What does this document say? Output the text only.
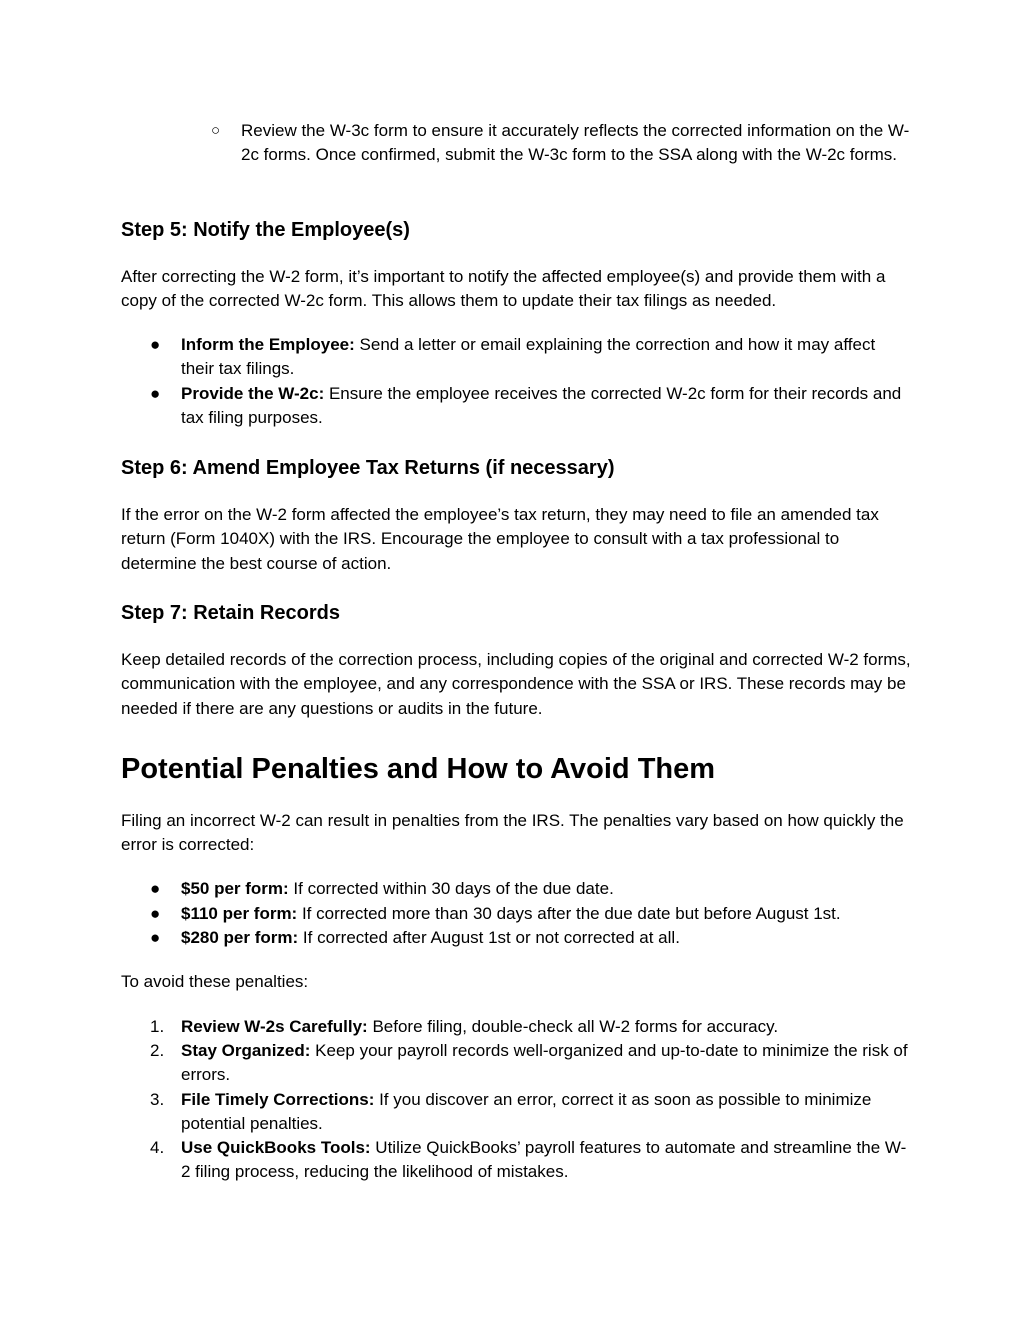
○ Review the W-3c form to ensure it accurately reflects the corrected information on the W-2c forms. Once confirmed, submit the W-3c form to the SSA along with the W-2c forms.
Step 5: Notify the Employee(s)

After correcting the W-2 form, it’s important to notify the affected employee(s) and provide them with a copy of the corrected W-2c form. This allows them to update their tax filings as needed.

● Inform the Employee: Send a letter or email explaining the correction and how it may affect their tax filings.
● Provide the W-2c: Ensure the employee receives the corrected W-2c form for their records and tax filing purposes.
Step 6: Amend Employee Tax Returns (if necessary)

If the error on the W-2 form affected the employee’s tax return, they may need to file an amended tax return (Form 1040X) with the IRS. Encourage the employee to consult with a tax professional to determine the best course of action.

Step 7: Retain Records

Keep detailed records of the correction process, including copies of the original and corrected W-2 forms, communication with the employee, and any correspondence with the SSA or IRS. These records may be needed if there are any questions or audits in the future.

Potential Penalties and How to Avoid Them

Filing an incorrect W-2 can result in penalties from the IRS. The penalties vary based on how quickly the error is corrected:

● $50 per form: If corrected within 30 days of the due date.
● $110 per form: If corrected more than 30 days after the due date but before August 1st.
● $280 per form: If corrected after August 1st or not corrected at all.

To avoid these penalties:

1. Review W-2s Carefully: Before filing, double-check all W-2 forms for accuracy.
2. Stay Organized: Keep your payroll records well-organized and up-to-date to minimize the risk of errors.
3. File Timely Corrections: If you discover an error, correct it as soon as possible to minimize potential penalties.
4. Use QuickBooks Tools: Utilize QuickBooks’ payroll features to automate and streamline the W-2 filing process, reducing the likelihood of mistakes.
